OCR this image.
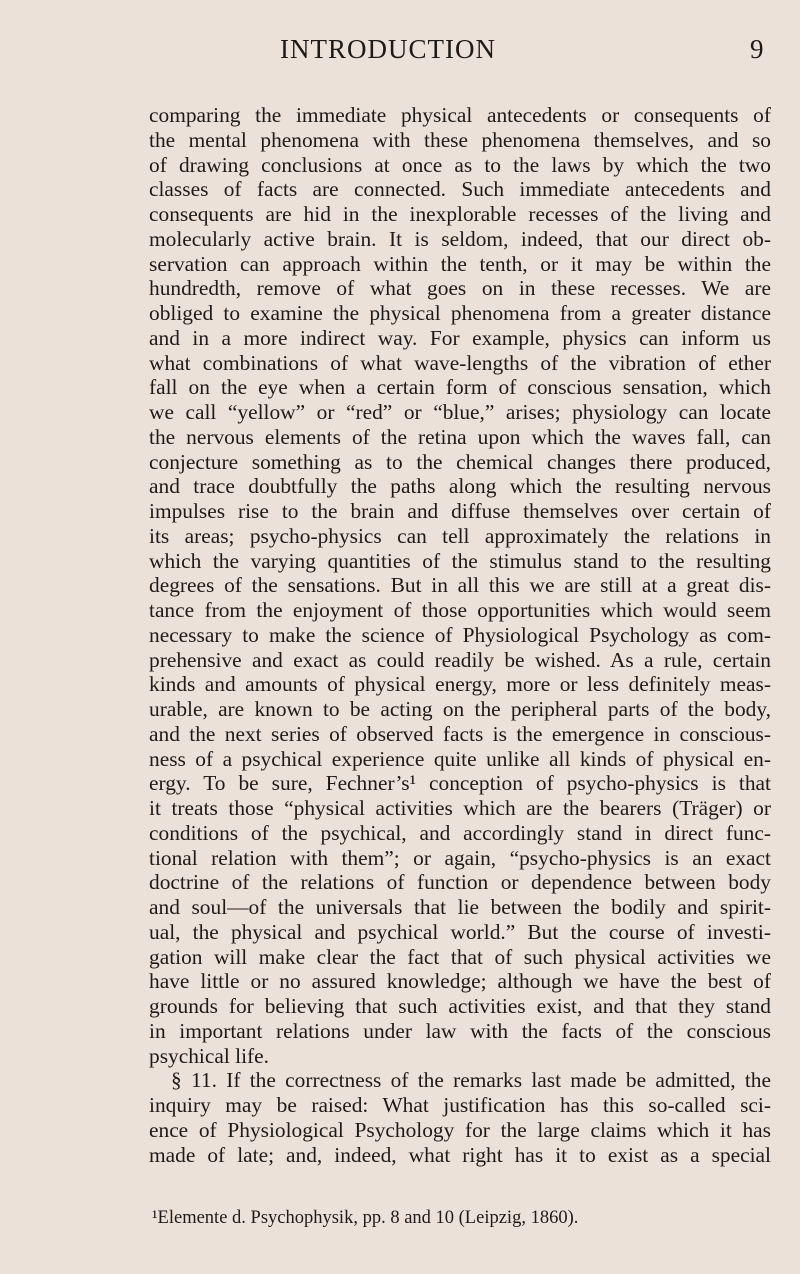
INTRODUCTION	9
comparing the immediate physical antecedents or consequents of
the mental phenomena with these phenomena themselves, and so
of drawing conclusions at once as to the laws by which the two
classes of facts are connected. Such immediate antecedents and
consequents are hid in the inexplorable recesses of the living and
molecularly active brain. It is seldom, indeed, that our direct ob-
servation can approach within the tenth, or it may be within the
hundredth, remove of what goes on in these recesses. We are
obliged to examine the physical phenomena from a greater distance
and in a more indirect way. For example, physics can inform us
what combinations of what wave-lengths of the vibration of ether
fall on the eye when a certain form of conscious sensation, which
we call “yellow” or “red” or “blue,” arises; physiology can locate
the nervous elements of the retina upon which the waves fall, can
conjecture something as to the chemical changes there produced,
and trace doubtfully the paths along which the resulting nervous
impulses rise to the brain and diffuse themselves over certain of
its areas; psycho-physics can tell approximately the relations in
which the varying quantities of the stimulus stand to the resulting
degrees of the sensations. But in all this we are still at a great dis-
tance from the enjoyment of those opportunities which would seem
necessary to make the science of Physiological Psychology as com-
prehensive and exact as could readily be wished. As a rule, certain
kinds and amounts of physical energy, more or less definitely meas-
urable, are known to be acting on the peripheral parts of the body,
and the next series of observed facts is the emergence in conscious-
ness of a psychical experience quite unlike all kinds of physical en-
ergy. To be sure, Fechner’s¹ conception of psycho-physics is that
it treats those “physical activities which are the bearers (Träger) or
conditions of the psychical, and accordingly stand in direct func-
tional relation with them”; or again, “psycho-physics is an exact
doctrine of the relations of function or dependence between body
and soul—of the universals that lie between the bodily and spirit-
ual, the physical and psychical world.” But the course of investi-
gation will make clear the fact that of such physical activities we
have little or no assured knowledge; although we have the best of
grounds for believing that such activities exist, and that they stand
in important relations under law with the facts of the conscious
psychical life.
§ 11. If the correctness of the remarks last made be admitted, the
inquiry may be raised: What justification has this so-called sci-
ence of Physiological Psychology for the large claims which it has
made of late; and, indeed, what right has it to exist as a special
¹Elemente d. Psychophysik, pp. 8 and 10 (Leipzig, 1860).
